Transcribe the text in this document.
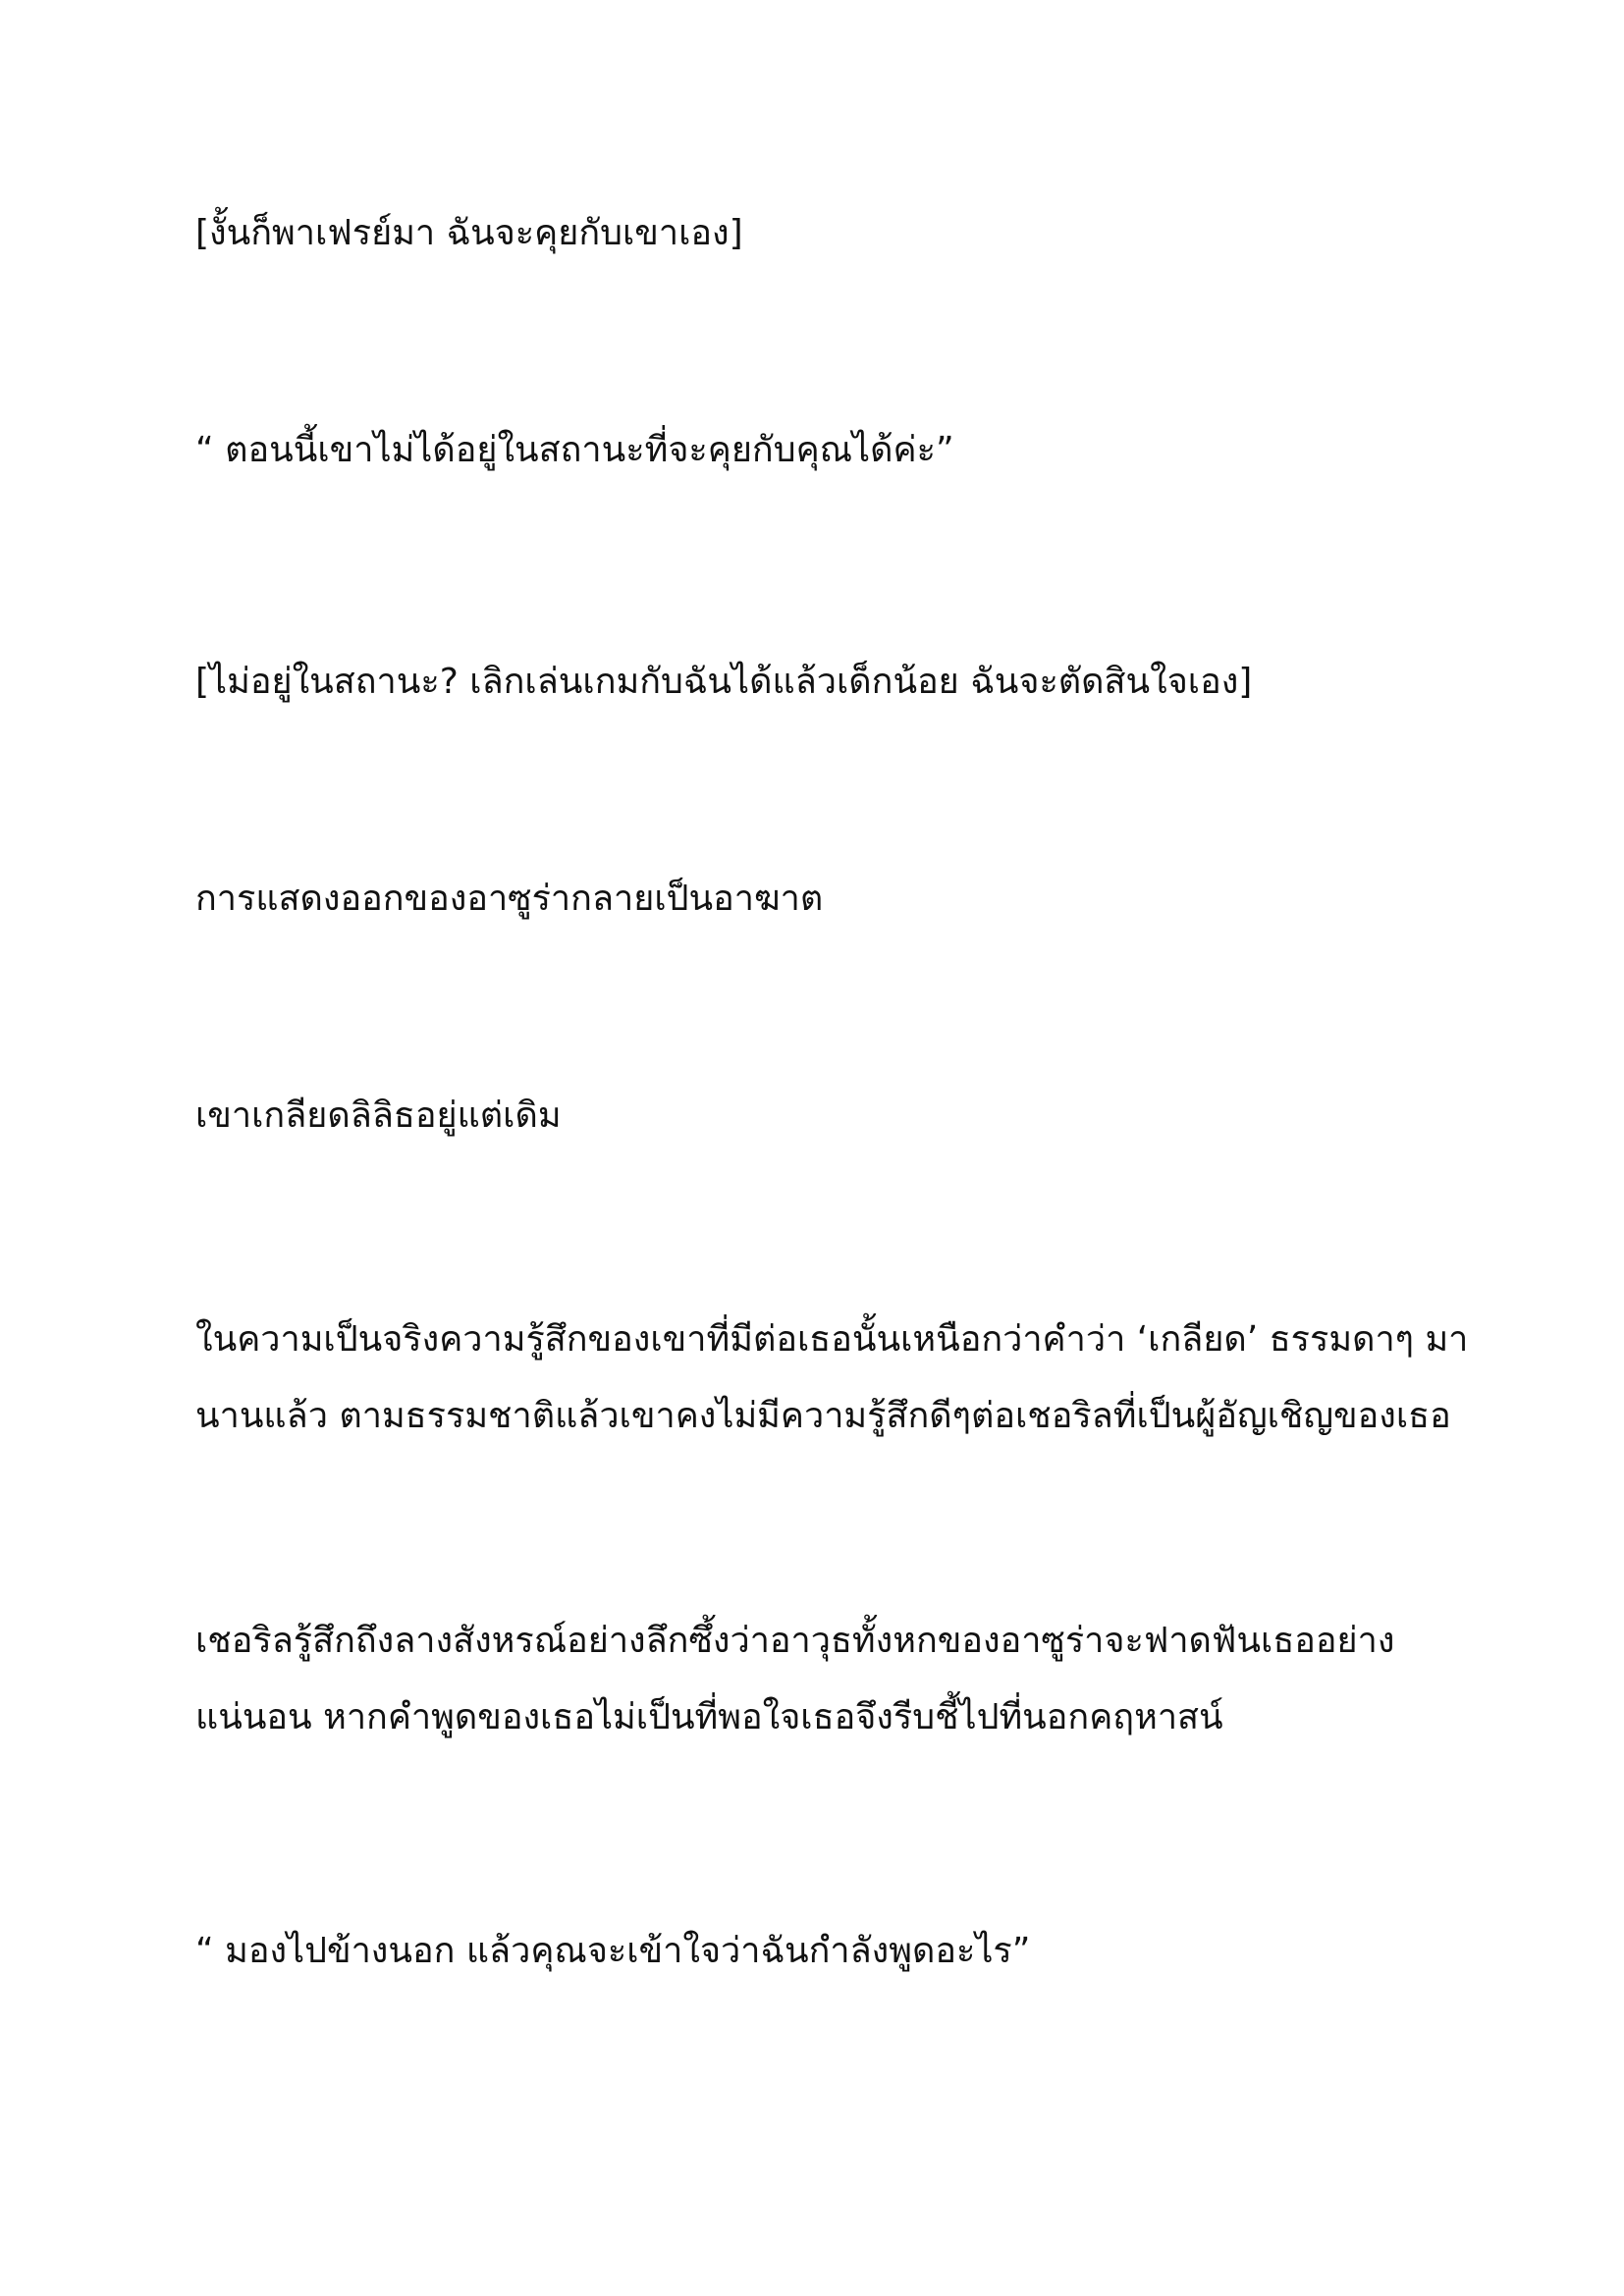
[งั้นก็พาเฟรย์มา ฉันจะคุยกับเขาเอง]
“ ตอนนี้เขาไม่ได้อยู่ในสถานะที่จะคุยกับคุณได้ค่ะ”
[ไม่อยู่ในสถานะ? เลิกเล่นเกมกับฉันได้แล้วเด็กน้อย ฉันจะตัดสินใจเอง]
การแสดงออกของอาซูร่ากลายเป็นอาฆาต
เขาเกลียดลิลิธอยู่แต่เดิม
ในความเป็นจริงความรู้สึกของเขาที่มีต่อเธอนั้นเหนือกว่าคำว่า ‘เกลียด’ ธรรมดาๆ มา
นานแล้ว ตามธรรมชาติแล้วเขาคงไม่มีความรู้สึกดีๆต่อเชอริลที่เป็นผู้อัญเชิญของเธอ
เชอริลรู้สึกถึงลางสังหรณ์อย่างลึกซึ้งว่าอาวุธทั้งหกของอาซูร่าจะฟาดฟันเธออย่าง
แน่นอน หากคำพูดของเธอไม่เป็นที่พอใจเธอจึงรีบชี้ไปที่นอกคฤหาสน์
“ มองไปข้างนอก แล้วคุณจะเข้าใจว่าฉันกำลังพูดอะไร”
